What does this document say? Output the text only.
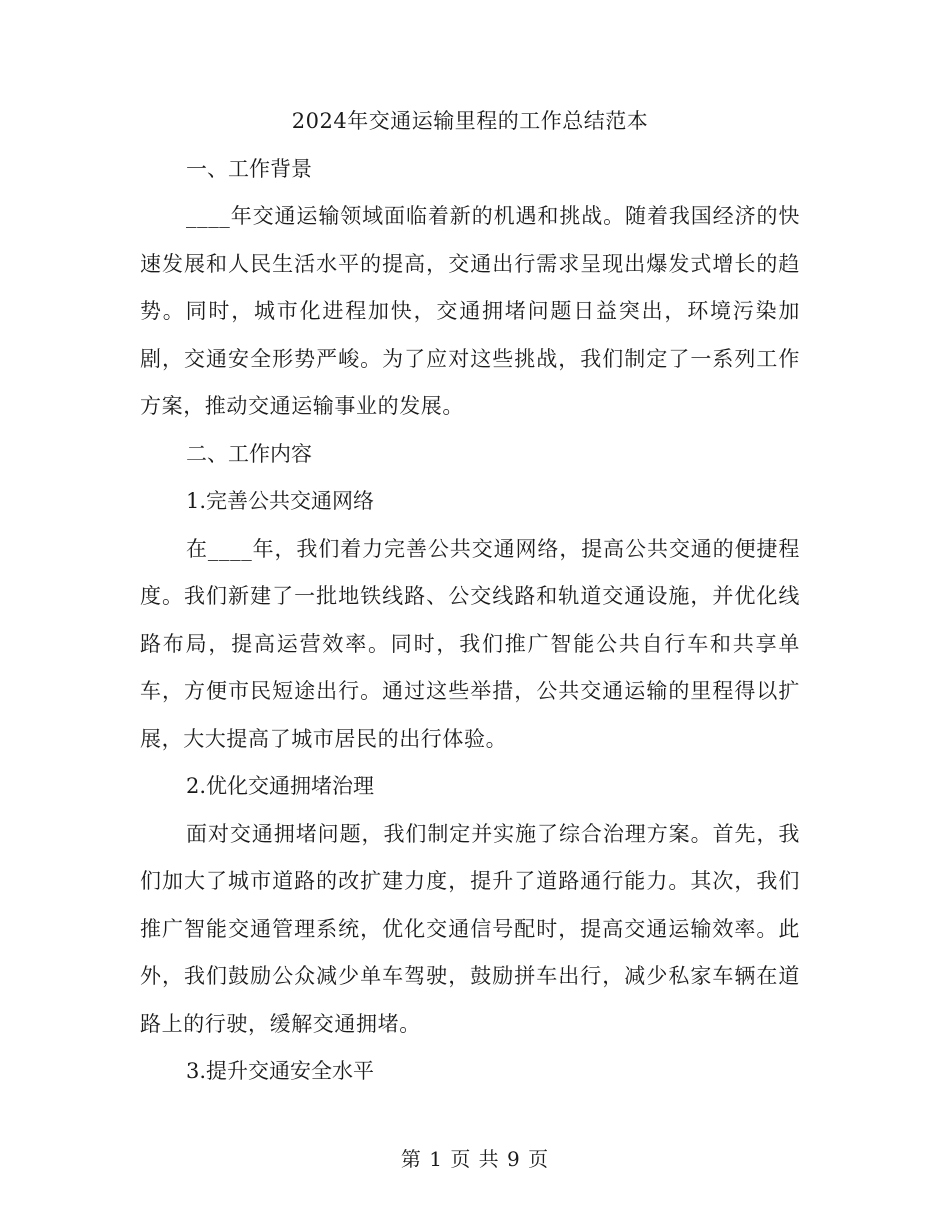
2024年交通运输里程的工作总结范本
一、工作背景

____年交通运输领域面临着新的机遇和挑战。随着我国经济的快速发展和人民生活水平的提高，交通出行需求呈现出爆发式增长的趋势。同时，城市化进程加快，交通拥堵问题日益突出，环境污染加剧，交通安全形势严峻。为了应对这些挑战，我们制定了一系列工作方案，推动交通运输事业的发展。

二、工作内容
1.完善公共交通网络

在____年，我们着力完善公共交通网络，提高公共交通的便捷程度。我们新建了一批地铁线路、公交线路和轨道交通设施，并优化线路布局，提高运营效率。同时，我们推广智能公共自行车和共享单车，方便市民短途出行。通过这些举措，公共交通运输的里程得以扩展，大大提高了城市居民的出行体验。

2.优化交通拥堵治理

面对交通拥堵问题，我们制定并实施了综合治理方案。首先，我们加大了城市道路的改扩建力度，提升了道路通行能力。其次，我们推广智能交通管理系统，优化交通信号配时，提高交通运输效率。此外，我们鼓励公众减少单车驾驶，鼓励拼车出行，减少私家车辆在道路上的行驶，缓解交通拥堵。

3.提升交通安全水平
第 1 页 共 9 页
